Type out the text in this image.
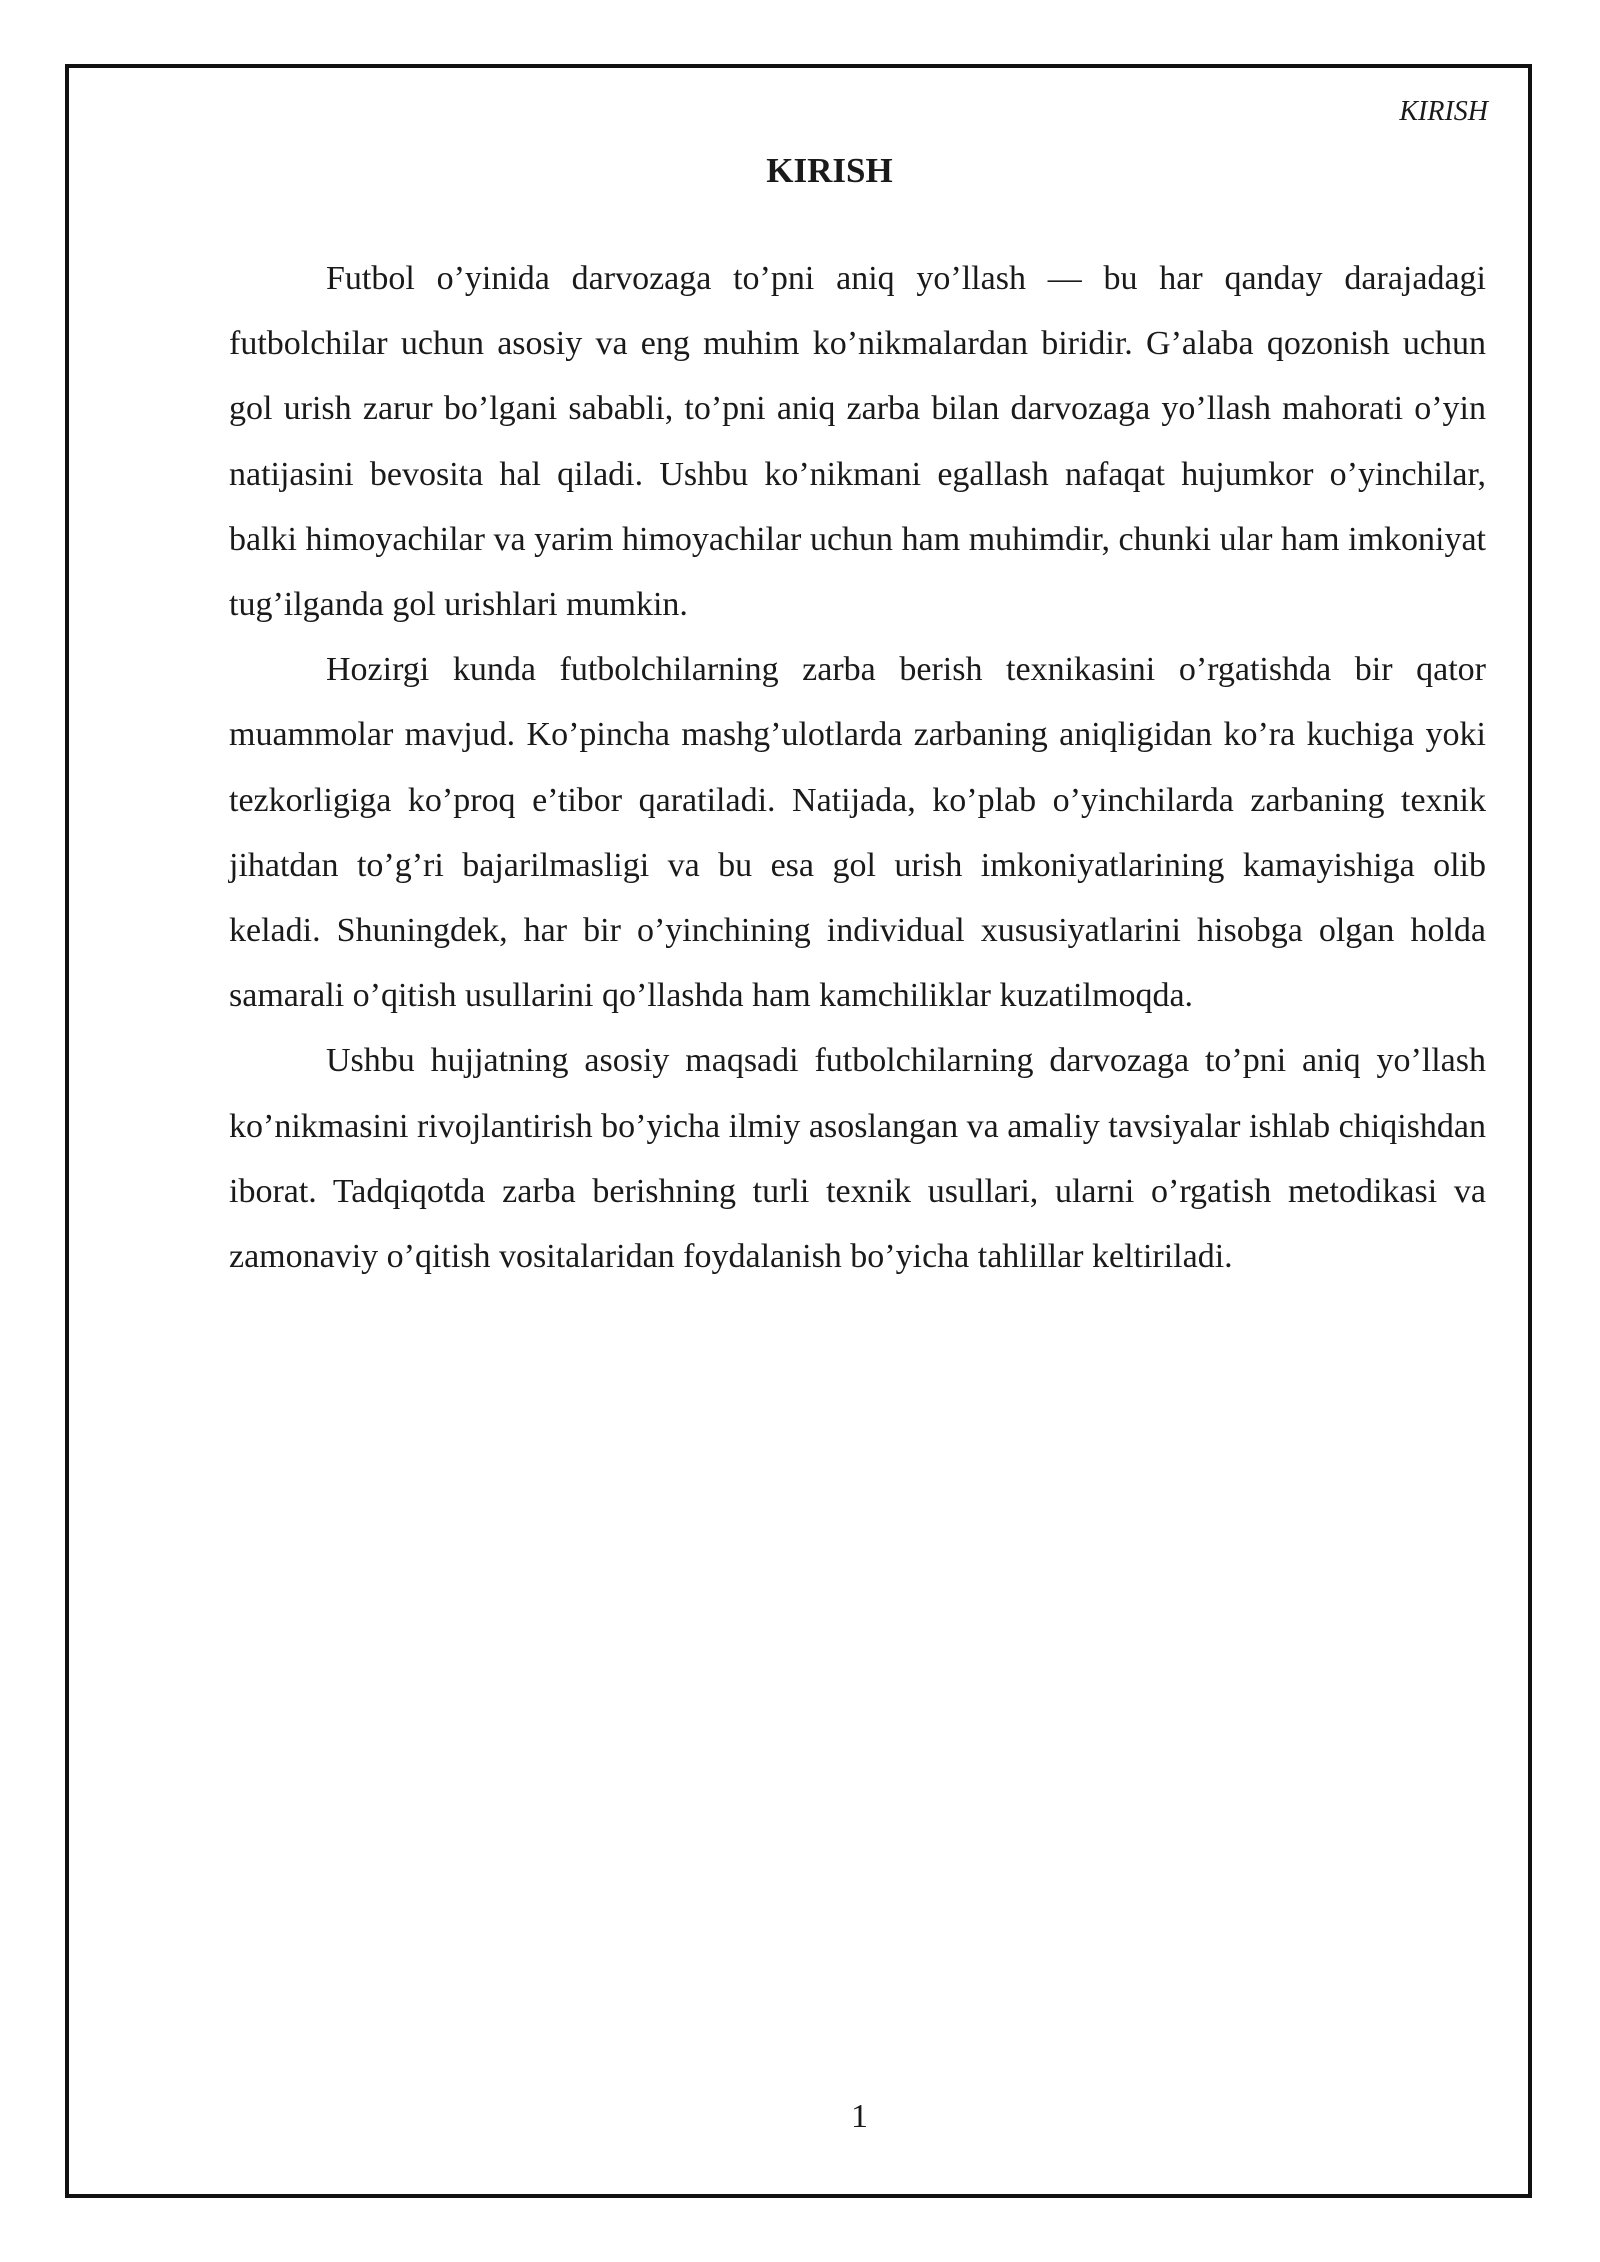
KIRISH
KIRISH

Futbol o’yinida darvozaga to’pni aniq yo’llash — bu har qanday darajadagi futbolchilar uchun asosiy va eng muhim ko’nikmalardan biridir. G’alaba qozonish uchun gol urish zarur bo’lgani sababli, to’pni aniq zarba bilan darvozaga yo’llash mahorati o’yin natijasini bevosita hal qiladi. Ushbu ko’nikmani egallash nafaqat hujumkor o’yinchilar, balki himoyachilar va yarim himoyachilar uchun ham muhimdir, chunki ular ham imkoniyat tug’ilganda gol urishlari mumkin.

Hozirgi kunda futbolchilarning zarba berish texnikasini o’rgatishda bir qator muammolar mavjud. Ko’pincha mashg’ulotlarda zarbaning aniqligidan ko’ra kuchiga yoki tezkorligiga ko’proq e’tibor qaratiladi. Natijada, ko’plab o’yinchilarda zarbaning texnik jihatdan to’g’ri bajarilmasligi va bu esa gol urish imkoniyatlarining kamayishiga olib keladi. Shuningdek, har bir o’yinchining individual xususiyatlarini hisobga olgan holda samarali o’qitish usullarini qo’llashda ham kamchiliklar kuzatilmoqda.

Ushbu hujjatning asosiy maqsadi futbolchilarning darvozaga to’pni aniq yo’llash ko’nikmasini rivojlantirish bo’yicha ilmiy asoslangan va amaliy tavsiyalar ishlab chiqishdan iborat. Tadqiqotda zarba berishning turli texnik usullari, ularni o’rgatish metodikasi va zamonaviy o’qitish vositalaridan foydalanish bo’yicha tahlillar keltiriladi.

1
